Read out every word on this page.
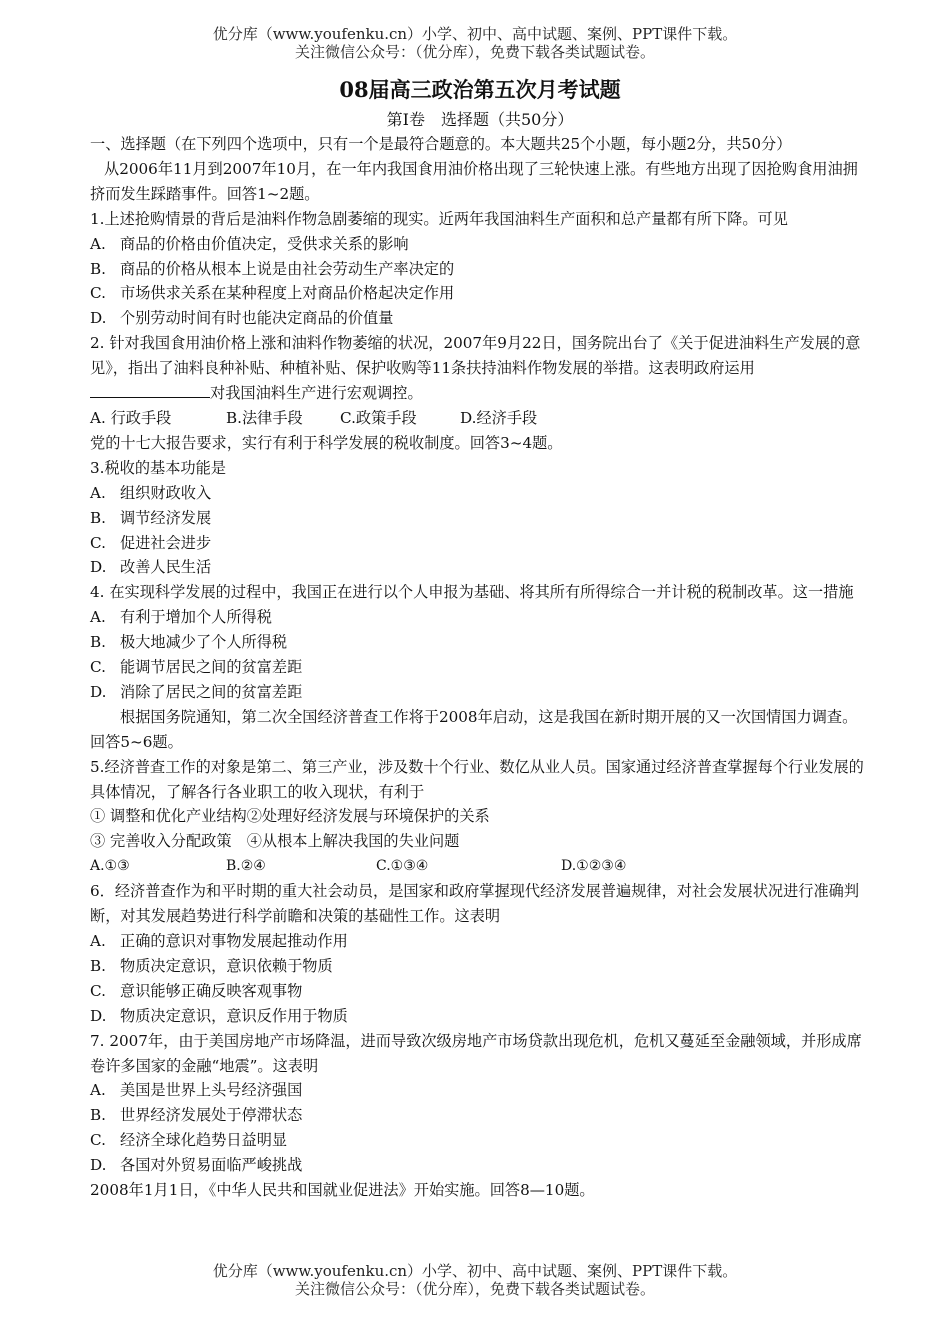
优分库（www.youfenku.cn）小学、初中、高中试题、案例、PPT课件下载。
关注微信公众号：（优分库），免费下载各类试题试卷。
08届高三政治第五次月考试题
第Ⅰ卷　选择题（共50分）

一、选择题（在下列四个选项中，只有一个是最符合题意的。本大题共25个小题，每小题2分，共50分）

从2006年11月到2007年10月，在一年内我国食用油价格出现了三轮快速上涨。有些地方出现了因抢购食用油拥挤而发生踩踏事件。回答1~2题。

1.上述抢购情景的背后是油料作物急剧萎缩的现实。近两年我国油料生产面积和总产量都有所下降。可见

A. 商品的价格由价值决定，受供求关系的影响

B. 商品的价格从根本上说是由社会劳动生产率决定的

C. 市场供求关系在某种程度上对商品价格起决定作用

D. 个别劳动时间有时也能决定商品的价值量

2. 针对我国食用油价格上涨和油料作物萎缩的状况，2007年9月22日，国务院出台了《关于促进油料生产发展的意见》，指出了油料良种补贴、种植补贴、保护收购等11条扶持油料作物发展的举措。这表明政府运用对我国油料生产进行宏观调控。

A. 行政手段	B.法律手段 C.政策手段	D.经济手段

党的十七大报告要求，实行有利于科学发展的税收制度。回答3~4题。

3.税收的基本功能是

A. 组织财政收入

B. 调节经济发展

C. 促进社会进步

D. 改善人民生活

4. 在实现科学发展的过程中，我国正在进行以个人申报为基础、将其所有所得综合一并计税的税制改革。这一措施

A. 有利于增加个人所得税

B. 极大地减少了个人所得税

C. 能调节居民之间的贫富差距

D. 消除了居民之间的贫富差距

根据国务院通知，第二次全国经济普查工作将于2008年启动，这是我国在新时期开展的又一次国情国力调查。回答5~6题。

5.经济普查工作的对象是第二、第三产业，涉及数十个行业、数亿从业人员。国家通过经济普查掌握每个行业发展的具体情况，了解各行各业职工的收入现状，有利于

① 调整和优化产业结构②处理好经济发展与环境保护的关系

③ 完善收入分配政策　④从根本上解决我国的失业问题

A.①③	B.②④	C.①③④	D.①②③④

6．经济普查作为和平时期的重大社会动员，是国家和政府掌握现代经济发展普遍规律，对社会发展状况进行准确判断，对其发展趋势进行科学前瞻和决策的基础性工作。这表明

A. 正确的意识对事物发展起推动作用

B. 物质决定意识，意识依赖于物质

C. 意识能够正确反映客观事物

D. 物质决定意识，意识反作用于物质

7. 2007年，由于美国房地产市场降温，进而导致次级房地产市场贷款出现危机，危机又蔓延至金融领域，并形成席卷许多国家的金融“地震”。这表明

A. 美国是世界上头号经济强国

B. 世界经济发展处于停滞状态

C. 经济全球化趋势日益明显

D. 各国对外贸易面临严峻挑战

2008年1月1日，《中华人民共和国就业促进法》开始实施。回答8—10题。

优分库（www.youfenku.cn）小学、初中、高中试题、案例、PPT课件下载。
关注微信公众号：（优分库），免费下载各类试题试卷。
